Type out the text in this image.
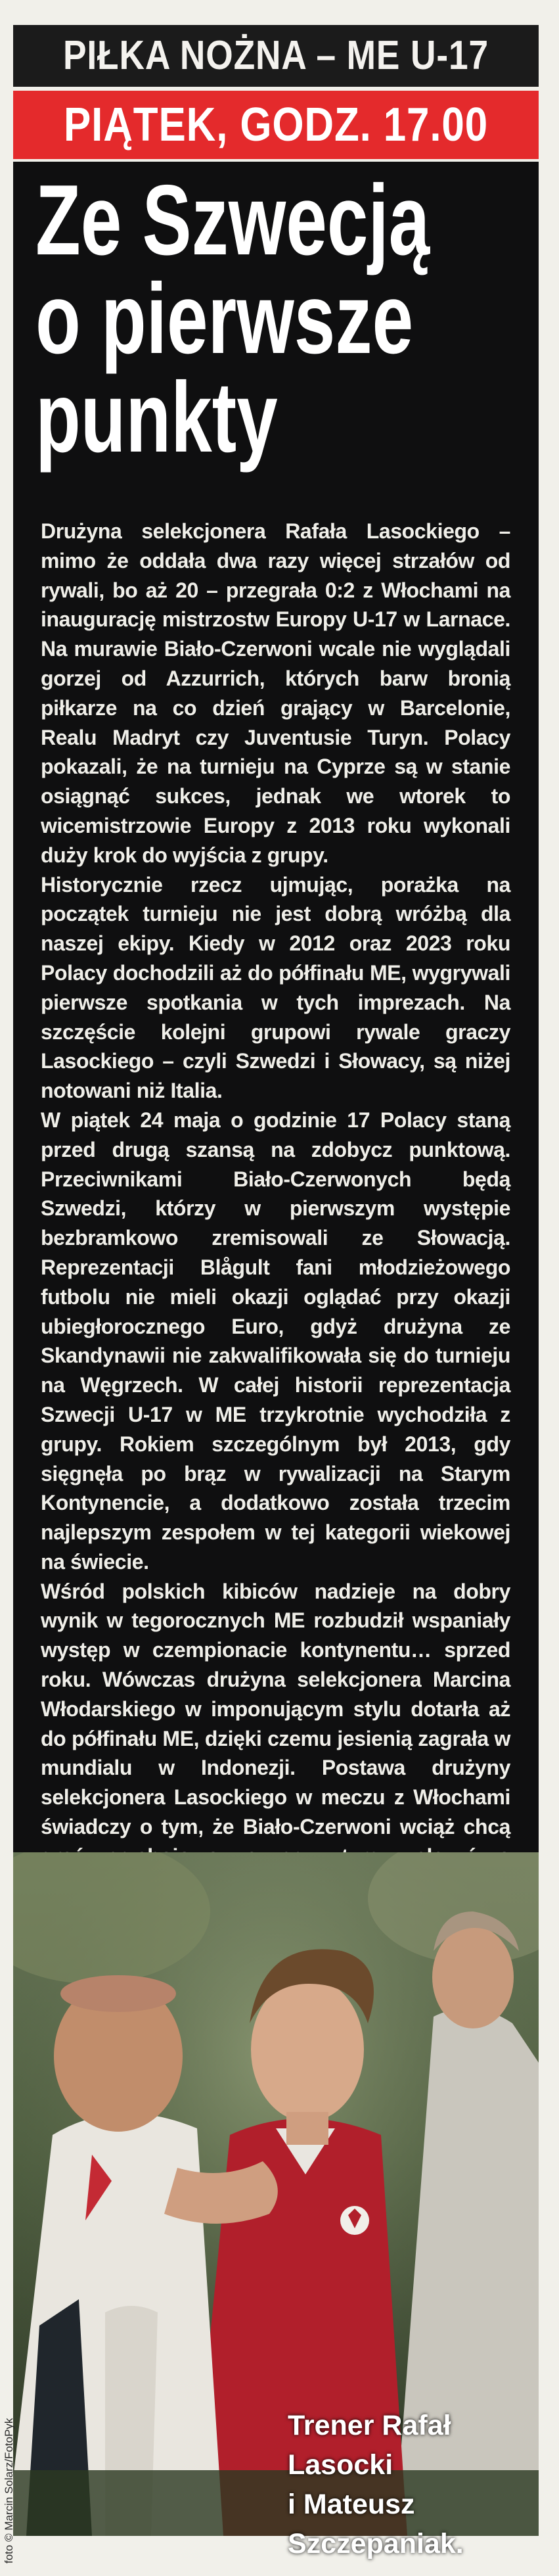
PIŁKA NOŻNA – ME U-17
PIĄTEK, GODZ. 17.00
Ze Szwecją
o pierwsze
punkty

Drużyna selekcjonera Rafała Lasockiego – mimo że oddała dwa razy więcej strzałów od rywali, bo aż 20 – przegrała 0:2 z Włochami na inaugurację mistrzostw Europy U-17 w Larnace. Na murawie Biało-Czerwoni wcale nie wyglądali gorzej od Azzurrich, których barw bronią piłkarze na co dzień grający w Barcelonie, Realu Madryt czy Juventusie Turyn. Polacy pokazali, że na turnieju na Cyprze są w stanie osiągnąć sukces, jednak we wtorek to wicemistrzowie Europy z 2013 roku wykonali duży krok do wyjścia z grupy.

Historycznie rzecz ujmując, porażka na początek turnieju nie jest dobrą wróżbą dla naszej ekipy. Kiedy w 2012 oraz 2023 roku Polacy dochodzili aż do półfinału ME, wygrywali pierwsze spotkania w tych imprezach. Na szczęście kolejni grupowi rywale graczy Lasockiego – czyli Szwedzi i Słowacy, są niżej notowani niż Italia.

W piątek 24 maja o godzinie 17 Polacy staną przed drugą szansą na zdobycz punktową. Przeciwnikami Biało-Czerwonych będą Szwedzi, którzy w pierwszym występie bezbramkowo zremisowali ze Słowacją. Reprezentacji Blågult fani młodzieżowego futbolu nie mieli okazji oglądać przy okazji ubiegłorocznego Euro, gdyż drużyna ze Skandynawii nie zakwalifikowała się do turnieju na Węgrzech. W całej historii reprezentacja Szwecji U-17 w ME trzykrotnie wychodziła z grupy. Rokiem szczególnym był 2013, gdy sięgnęła po brąz w rywalizacji na Starym Kontynencie, a dodatkowo została trzecim najlepszym zespołem w tej kategorii wiekowej na świecie.

Wśród polskich kibiców nadzieje na dobry wynik w tegorocznych ME rozbudził wspaniały występ w czempionacie kontynentu… sprzed roku. Wówczas drużyna selekcjonera Marcina Włodarskiego w imponującym stylu dotarła aż do półfinału ME, dzięki czemu jesienią zagrała w mundialu w Indonezji. Postawa drużyny selekcjonera Lasockiego w meczu z Włochami świadczy o tym, że Biało-Czerwoni wciąż chcą

Trener Rafał Lasocki
i Mateusz Szczepaniak.
foto © Marcin Solarz/FotoPyk
